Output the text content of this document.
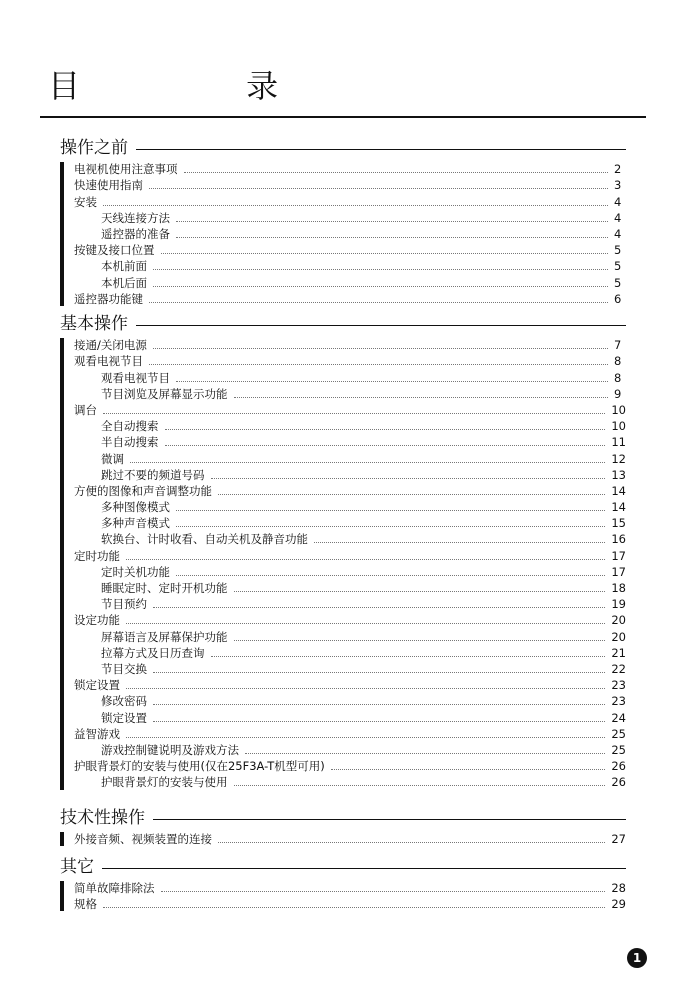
目 录
操作之前
电视机使用注意事项	2
快速使用指南	3
安装	4
天线连接方法	4
遥控器的准备	4
按键及接口位置	5
本机前面	5
本机后面	5
遥控器功能键	6
基本操作
接通/关闭电源	7
观看电视节目	8
观看电视节目	8
节目浏览及屏幕显示功能	9
调台	10
全自动搜索	10
半自动搜索	11
微调	12
跳过不要的频道号码	13
方便的图像和声音调整功能	14
多种图像模式	14
多种声音模式	15
软换台、计时收看、自动关机及静音功能	16
定时功能	17
定时关机功能	17
睡眠定时、定时开机功能	18
节目预约	19
设定功能	20
屏幕语言及屏幕保护功能	20
拉幕方式及日历查询	21
节目交换	22
锁定设置	23
修改密码	23
锁定设置	24
益智游戏	25
游戏控制键说明及游戏方法	25
护眼背景灯的安装与使用(仅在25F3A-T机型可用)	26
护眼背景灯的安装与使用	26
技术性操作
外接音频、视频装置的连接	27
其它
简单故障排除法	28
规格	29
1
